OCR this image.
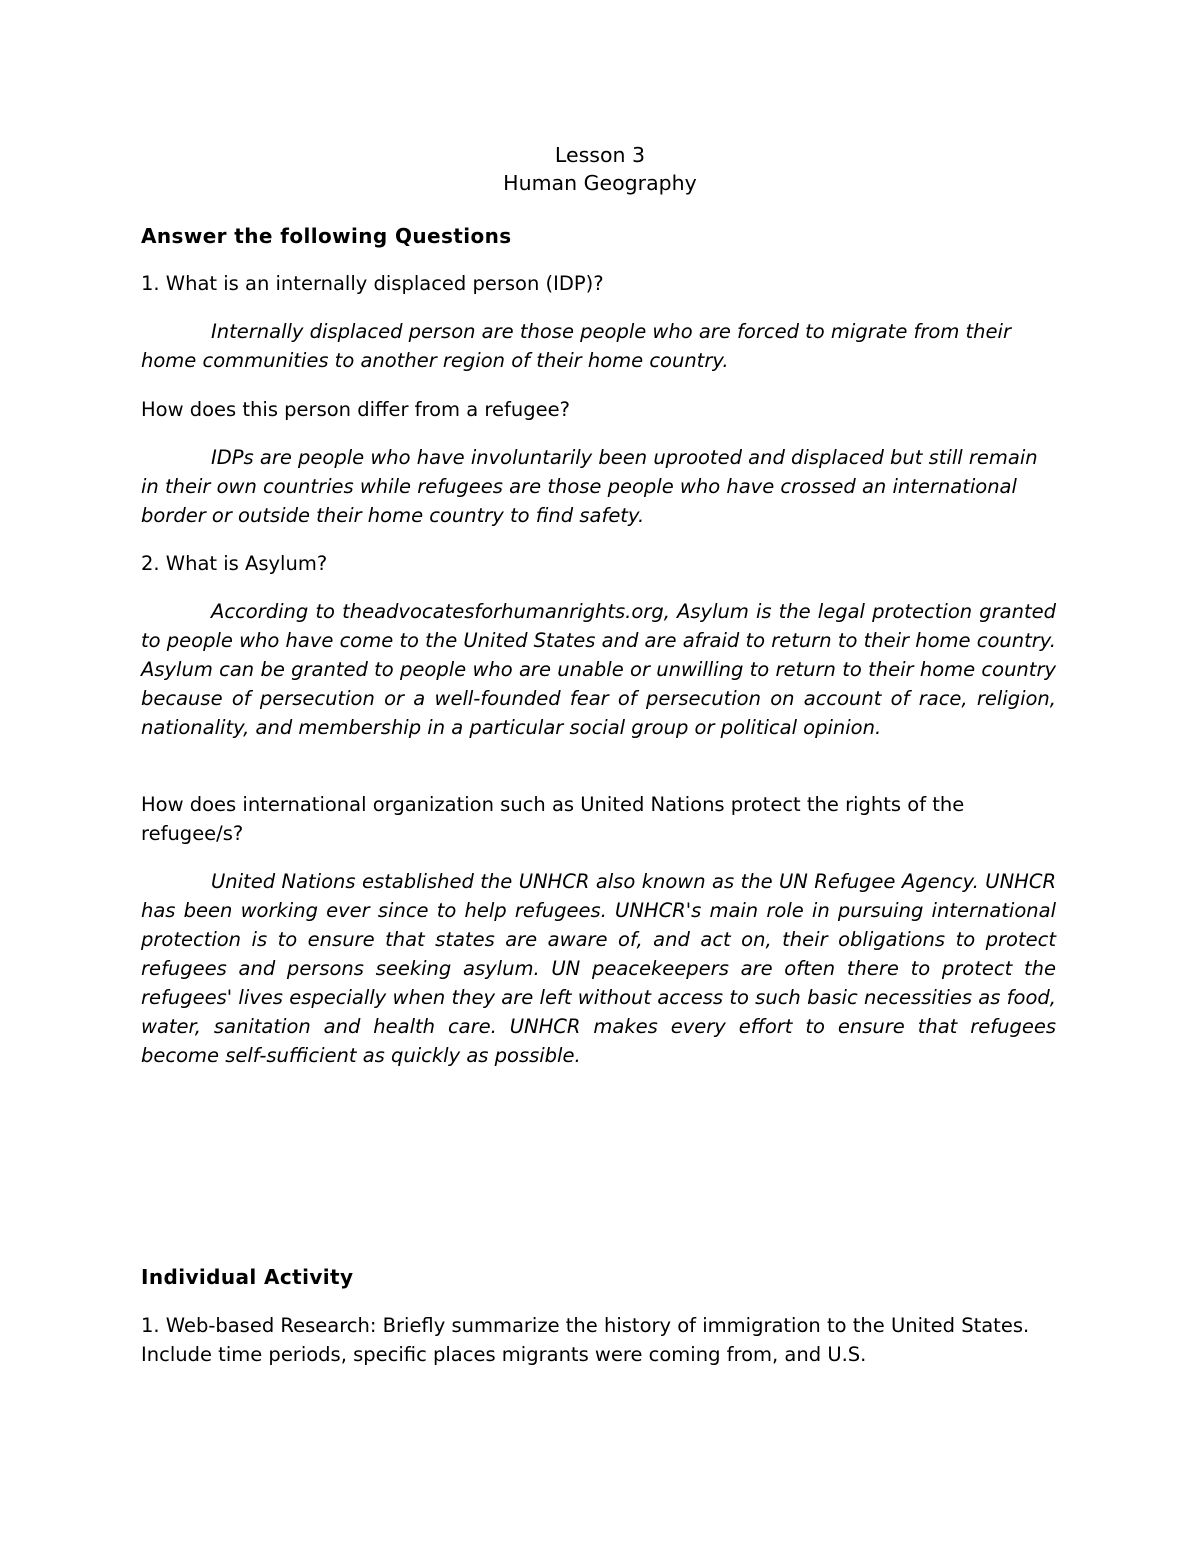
Lesson 3
Human Geography
Answer the following Questions
1. What is an internally displaced person (IDP)?
Internally displaced person are those people who are forced to migrate from their home communities to another region of their home country.
How does this person differ from a refugee?
IDPs are people who have involuntarily been uprooted and displaced but still remain in their own countries while refugees are those people who have crossed an international border or outside their home country to find safety.
2. What is Asylum?
According to theadvocatesforhumanrights.org, Asylum is the legal protection granted to people who have come to the United States and are afraid to return to their home country. Asylum can be granted to people who are unable or unwilling to return to their home country because of persecution or a well-founded fear of persecution on account of race, religion, nationality, and membership in a particular social group or political opinion.
How does international organization such as United Nations protect the rights of the refugee/s?
United Nations established the UNHCR also known as the UN Refugee Agency. UNHCR has been working ever since to help refugees. UNHCR's main role in pursuing international protection is to ensure that states are aware of, and act on, their obligations to protect refugees and persons seeking asylum. UN peacekeepers are often there to protect the refugees' lives especially when they are left without access to such basic necessities as food, water, sanitation and health care. UNHCR makes every effort to ensure that refugees become self-sufficient as quickly as possible.
Individual Activity
1. Web-based Research: Briefly summarize the history of immigration to the United States. Include time periods, specific places migrants were coming from, and U.S.
